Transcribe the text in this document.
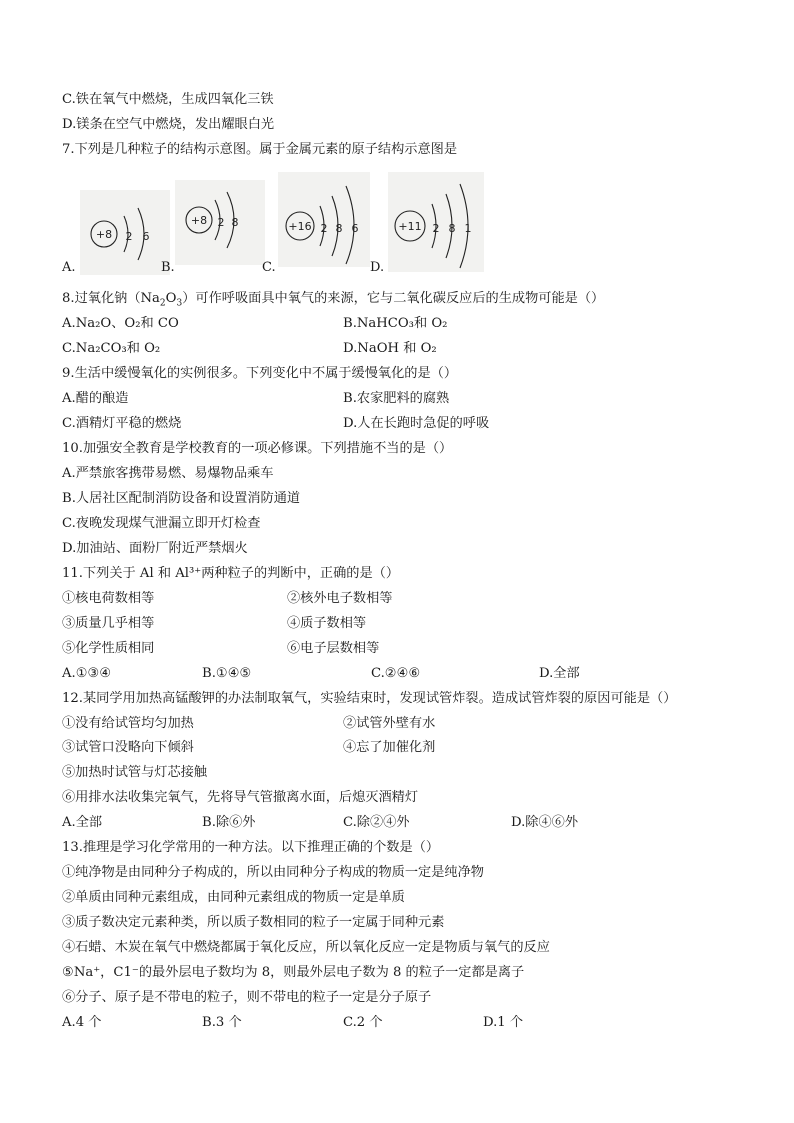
C.铁在氧气中燃烧，生成四氧化三铁
D.镁条在空气中燃烧，发出耀眼白光
7.下列是几种粒子的结构示意图。属于金属元素的原子结构示意图是
+8 2 6
+8 2 8	+16 2 8 6	+11 2 8 1
A.	B.	C.	D.
8.过氧化钠$(Na_2O_3)$可作呼吸面具中氧气的来源，它与二氧化碳反应后的生成物可能是（）
A.Na₂O、O₂和 CO	B.NaHCO₃和 O₂
C.Na₂CO₃和 O₂	D.NaOH 和 O₂
9.生活中缓慢氧化的实例很多。下列变化中不属于缓慢氧化的是（）
A.醋的酿造	B.农家肥料的腐熟
C.酒精灯平稳的燃烧	D.人在长跑时急促的呼吸
10.加强安全教育是学校教育的一项必修课。下列措施不当的是（）
A.严禁旅客携带易燃、易爆物品乘车
B.人居社区配制消防设备和设置消防通道
C.夜晚发现煤气泄漏立即开灯检查
D.加油站、面粉厂附近严禁烟火
11.下列关于 Al 和 Al³⁺两种粒子的判断中，正确的是（）
①核电荷数相等	②核外电子数相等
③质量几乎相等	④质子数相等
⑤化学性质相同	⑥电子层数相等
A.①③④	B.①④⑤	C.②④⑥	D.全部
12.某同学用加热高锰酸钾的办法制取氧气，实验结束时，发现试管炸裂。造成试管炸裂的原因可能是（）
①没有给试管均匀加热	②试管外壁有水
③试管口没略向下倾斜	④忘了加催化剂
⑤加热时试管与灯芯接触
⑥用排水法收集完氧气，先将导气管撤离水面，后熄灭酒精灯
A.全部	B.除⑥外	C.除②④外	D.除④⑥外
13.推理是学习化学常用的一种方法。以下推理正确的个数是（）
①纯净物是由同种分子构成的，所以由同种分子构成的物质一定是纯净物
②单质由同种元素组成，由同种元素组成的物质一定是单质
③质子数决定元素种类，所以质子数相同的粒子一定属于同种元素
④石蜡、木炭在氧气中燃烧都属于氧化反应，所以氧化反应一定是物质与氧气的反应
⑤Na⁺，C1⁻的最外层电子数均为 8，则最外层电子数为 8 的粒子一定都是离子
⑥分子、原子是不带电的粒子，则不带电的粒子一定是分子原子
A.4 个	B.3 个	C.2 个	D.1 个
